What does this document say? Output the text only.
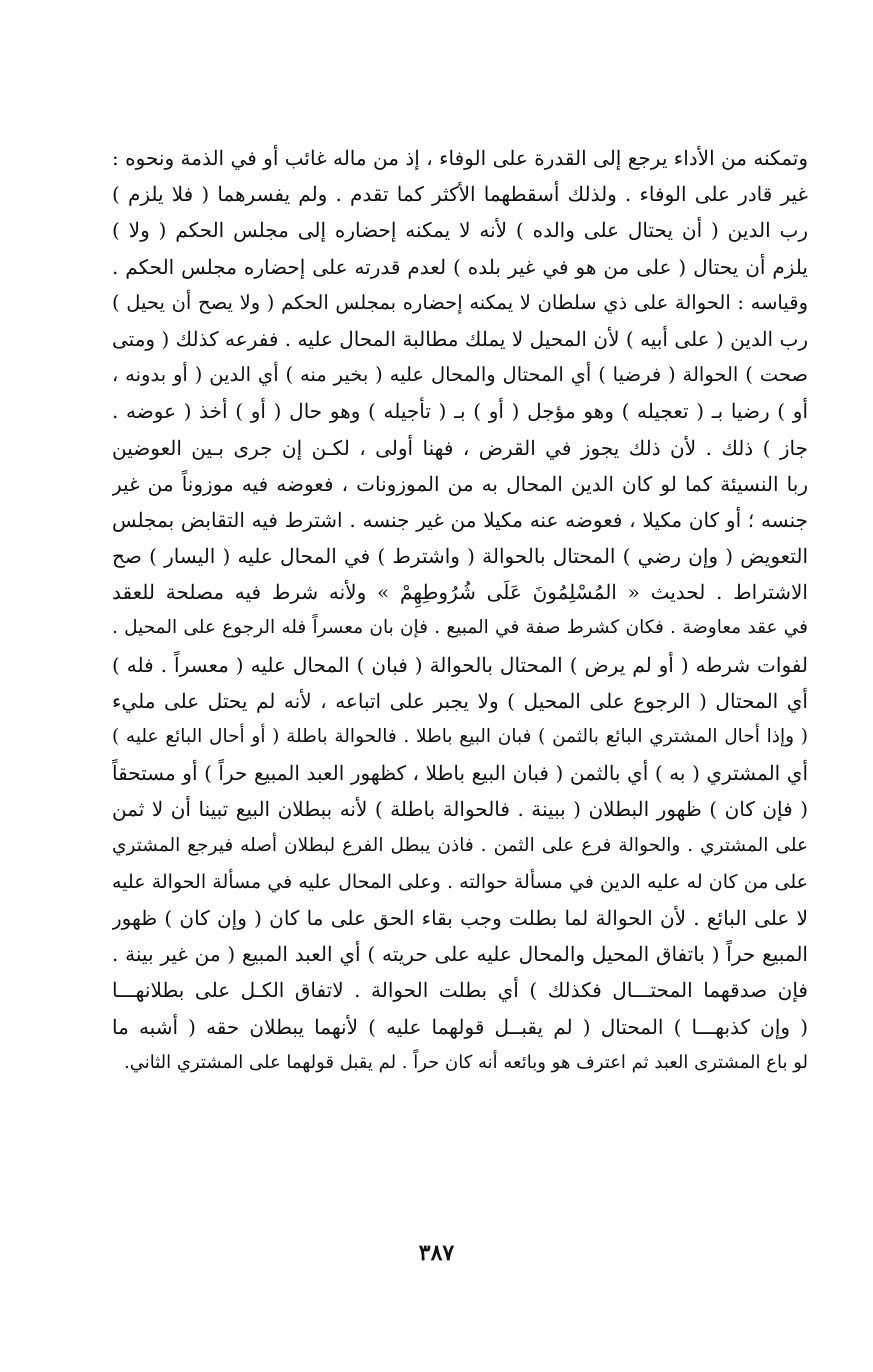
وتمكنه من الأداء يرجع إلى القدرة على الوفاء ، إذ من ماله غائب أو في الذمة ونحوه :
غير قادر على الوفاء . ولذلك أسقطهما الأكثر كما تقدم . ولم يفسرهما ( فلا يلزم )
رب الدين ( أن يحتال على والده ) لأنه لا يمكنه إحضاره إلى مجلس الحكم ( ولا )
يلزم أن يحتال ( على من هو في غير بلده ) لعدم قدرته على إحضاره مجلس الحكم .
وقياسه : الحوالة على ذي سلطان لا يمكنه إحضاره بمجلس الحكم ( ولا يصح أن يحيل )
رب الدين ( على أبيه ) لأن المحيل لا يملك مطالبة المحال عليه . ففرعه كذلك ( ومتى
صحت ) الحوالة ( فرضيا ) أي المحتال والمحال عليه ( بخير منه ) أي الدين ( أو بدونه ،
أو ) رضيا بـ ( تعجيله ) وهو مؤجل ( أو ) بـ ( تأجيله ) وهو حال ( أو ) أخذ ( عوضه .
جاز ) ذلك . لأن ذلك يجوز في القرض ، فهنا أولى ، لكـن إن جرى بـين العوضين
ربا النسيئة كما لو كان الدين المحال به من الموزونات ، فعوضه فيه موزوناً من غير
جنسه ؛ أو كان مكيلا ، فعوضه عنه مكيلا من غير جنسه . اشترط فيه التقابض بمجلس
التعويض ( وإن رضي ) المحتال بالحوالة ( واشترط ) في المحال عليه ( اليسار ) صح
الاشتراط . لحديث « المُسْلِمُونَ عَلَى شُرُوطِهِمْ » ولأنه شرط فيه مصلحة للعقد
في عقد معاوضة . فكان كشرط صفة في المبيع . فإن بان معسراً فله الرجوع على المحيل .
لفوات شرطه ( أو لم يرض ) المحتال بالحوالة ( فبان ) المحال عليه ( معسراً . فله )
أي المحتال ( الرجوع على المحيل ) ولا يجبر على اتباعه ، لأنه لم يحتل على مليء
( وإذا أحال المشتري البائع بالثمن ) فبان البيع باطلا . فالحوالة باطلة ( أو أحال البائع عليه )
أي المشتري ( به ) أي بالثمن ( فبان البيع باطلا ، كظهور العبد المبيع حراً ) أو مستحقاً
( فإن كان ) ظهور البطلان ( ببينة . فالحوالة باطلة ) لأنه ببطلان البيع تبينا أن لا ثمن
على المشتري . والحوالة فرع على الثمن . فاذن يبطل الفرع لبطلان أصله فيرجع المشتري
على من كان له عليه الدين في مسألة حوالته . وعلى المحال عليه في مسألة الحوالة عليه
لا على البائع . لأن الحوالة لما بطلت وجب بقاء الحق على ما كان ( وإن كان ) ظهور
المبيع حراً ( باتفاق المحيل والمحال عليه على حريته ) أي العبد المبيع ( من غير بينة .
فإن صدقهما المحتـــال فكذلك ) أي بطلت الحوالة . لاتفاق الكـل على بطلانهـــا
( وإن كذبهـــا ) المحتال ( لم يقبــل قولهما عليه ) لأنهما يبطلان حقه ( أشبه ما
لو باع المشترى العبد ثم اعترف هو وبائعه أنه كان حراً . لم يقبل قولهما على المشتري الثاني.
٣٨٧
